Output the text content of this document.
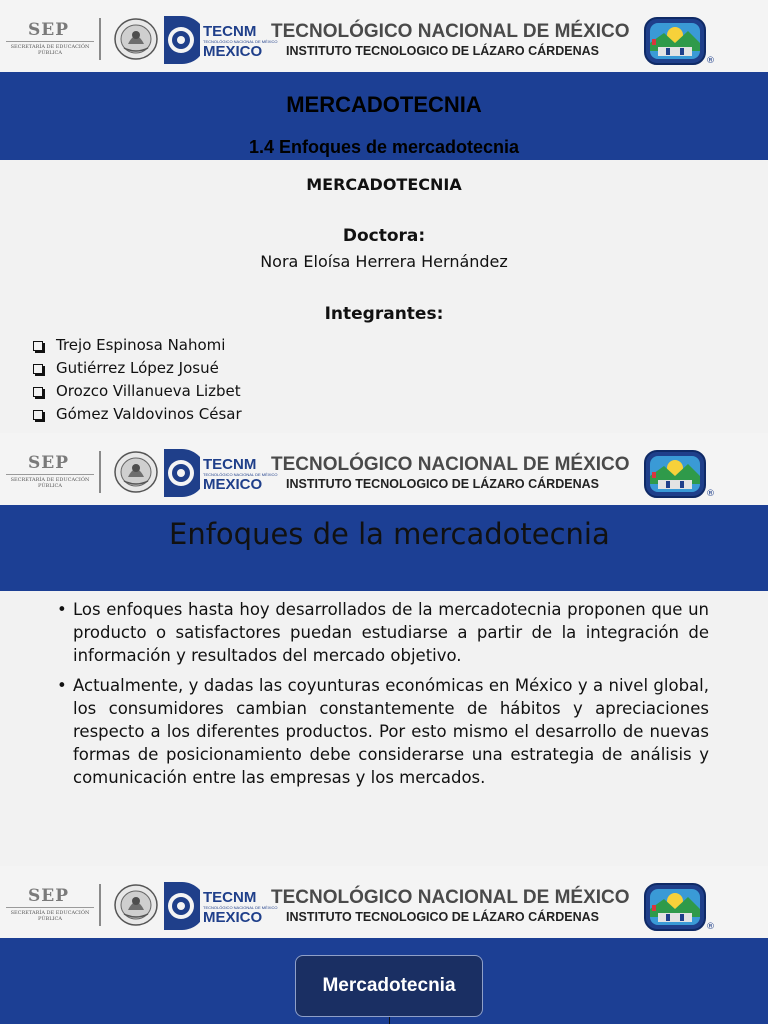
SEP
SECRETARÍA DE EDUCACIÓN PÚBLICA
TECNM
TECNOLÓGICO NACIONAL DE MÉXICO
MEXICO
TECNOLÓGICO NACIONAL DE MÉXICO
INSTITUTO TECNOLOGICO DE LÁZARO CÁRDENAS
®
MERCADOTECNIA
1.4 Enfoques de mercadotecnia
MERCADOTECNIA
Doctora:
Nora Eloísa Herrera Hernández
Integrantes:
Trejo Espinosa Nahomi
Gutiérrez López Josué
Orozco Villanueva Lizbet
Gómez Valdovinos César
SEP
SECRETARÍA DE EDUCACIÓN PÚBLICA
TECNM
TECNOLÓGICO NACIONAL DE MÉXICO
MEXICO
TECNOLÓGICO NACIONAL DE MÉXICO
INSTITUTO TECNOLOGICO DE LÁZARO CÁRDENAS
®
Enfoques de la mercadotecnia
• Los enfoques hasta hoy desarrollados de la mercadotecnia proponen que un producto o satisfactores puedan estudiarse a partir de la integración de información y resultados del mercado objetivo.
• Actualmente, y dadas las coyunturas económicas en México y a nivel global, los consumidores cambian constantemente de hábitos y apreciaciones respecto a los diferentes productos. Por esto mismo el desarrollo de nuevas formas de posicionamiento debe considerarse una estrategia de análisis y comunicación entre las empresas y los mercados.
SEP
SECRETARÍA DE EDUCACIÓN PÚBLICA
TECNM
TECNOLÓGICO NACIONAL DE MÉXICO
MEXICO
TECNOLÓGICO NACIONAL DE MÉXICO
INSTITUTO TECNOLOGICO DE LÁZARO CÁRDENAS
®
Mercadotecnia
